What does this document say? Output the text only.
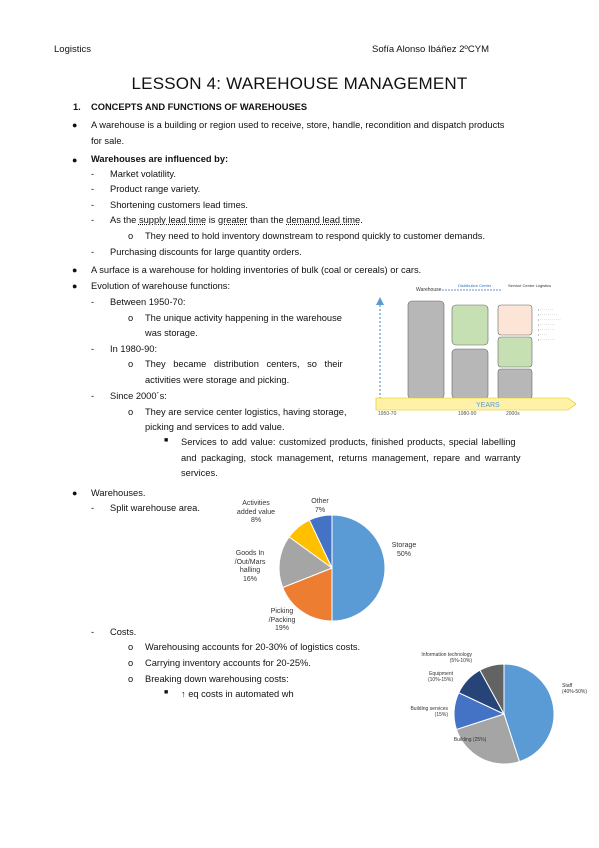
Logistics	Sofía Alonso Ibáñez 2ºCYM
LESSON 4: WAREHOUSE MANAGEMENT
1. CONCEPTS AND FUNCTIONS OF WAREHOUSES
● A warehouse is a building or region used to receive, store, handle, recondition and dispatch products
for sale.
● Warehouses are influenced by:
- Market volatility.
- Product range variety.
- Shortening customers lead times.
- As the supply lead time is greater than the demand lead time.
o They need to hold inventory downstream to respond quickly to customer demands.
- Purchasing discounts for large quantity orders.
● A surface is a warehouse for holding inventories of bulk (coal or cereals) or cars.
● Evolution of warehouse functions:
- Between 1950-70:
o The unique activity happening in the warehouse
was storage.
- In 1980-90:
o They became distribution centers, so their
activities were storage and picking.
- Since 2000´s:
o They are service center logistics, having storage,
picking and services to add value.
■ Services to add value: customized products, finished products, special labelling
and packaging, stock management, returns management, repare and warranty
services.
Warehouse
Distribution Center	Service Centre Logistics
• · · · · · · ·
• · · · · · · · · ·
• · · · · · · · · · · ·
• · · · · · · · ·
• · · · · · · · ·
• · · · ·
• · · · · · · · ·
YEARS
1950-70	1980-90	2000s
● Warehouses.
- Split warehouse area.	Activities added value
8%
Other
7%
Storage
50%
Goods In /Out/Mars halling
16%
Picking /Packing
19%
- Costs.
o Warehousing accounts for 20-30% of logistics costs.
o Carrying inventory accounts for 20-25%.
o Breaking down warehousing costs:
■ ↑ eq costs in automated wh
Information technology (5%-10%)
Equipment (10%-15%)
Building services (15%)
Building (25%)
Staff (40%-50%)
